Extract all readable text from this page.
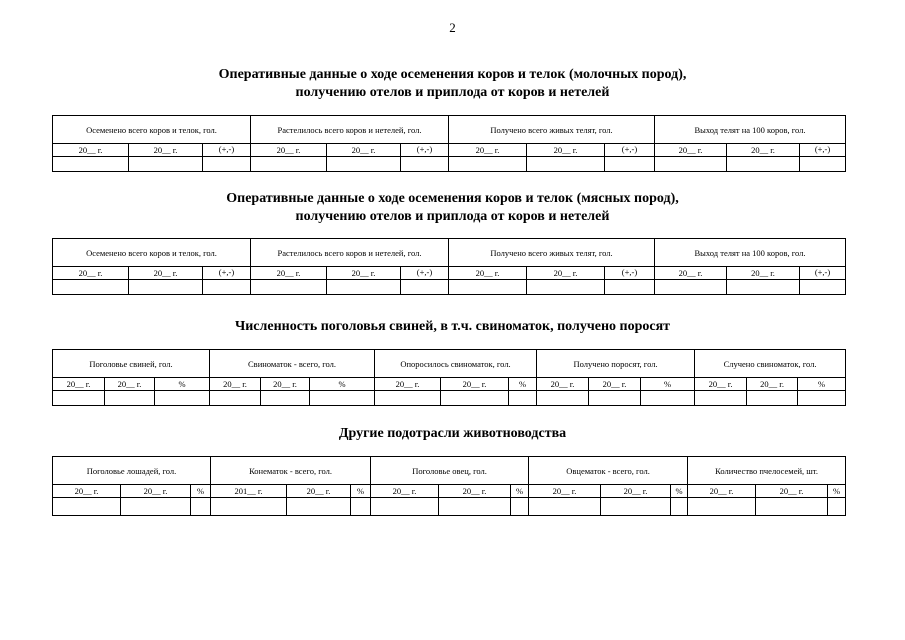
2
Оперативные данные о ходе осеменения коров и телок (молочных пород),
получению отелов и приплода от коров и нетелей
Осеменено всего коров и телок, гол.			Растелилось всего коров и нетелей, гол.			Получено всего живых телят, гол.			Выход телят на 100 коров, гол.		
20__ г.	20__ г.	(+,-)	20__ г.	20__ г.	(+,-)	20__ г.	20__ г.	(+,-)	20__ г.	20__ г.	(+,-)

Оперативные данные о ходе осеменения коров и телок (мясных пород),
получению отелов и приплода от коров и нетелей
Осеменено всего коров и телок, гол.			Растелилось всего коров и нетелей, гол.			Получено всего живых телят, гол.			Выход телят на 100 коров, гол.		
20__ г.	20__ г.	(+,-)	20__ г.	20__ г.	(+,-)	20__ г.	20__ г.	(+,-)	20__ г.	20__ г.	(+,-)

Численность поголовья свиней, в т.ч. свиноматок, получено поросят
Поголовье свиней, гол.			Свиноматок - всего, гол.			Опоросилось свиноматок, гол.			Получено поросят, гол.			Случено свиноматок, гол.		
20__ г.	20__ г.	%	20__ г.	20__ г.	%	20__ г.	20__ г.	%	20__ г.	20__ г.	%	20__ г.	20__ г.	%

Другие подотрасли животноводства
Поголовье лошадей, гол.			Конематок - всего, гол.			Поголовье овец, гол.			Овцематок - всего, гол.			Количество пчелосемей, шт.		
20__ г.	20__ г.	%	201__ г.	20__ г.	%	20__ г.	20__ г.	%	20__ г.	20__ г.	%	20__ г.	20__ г.	%
